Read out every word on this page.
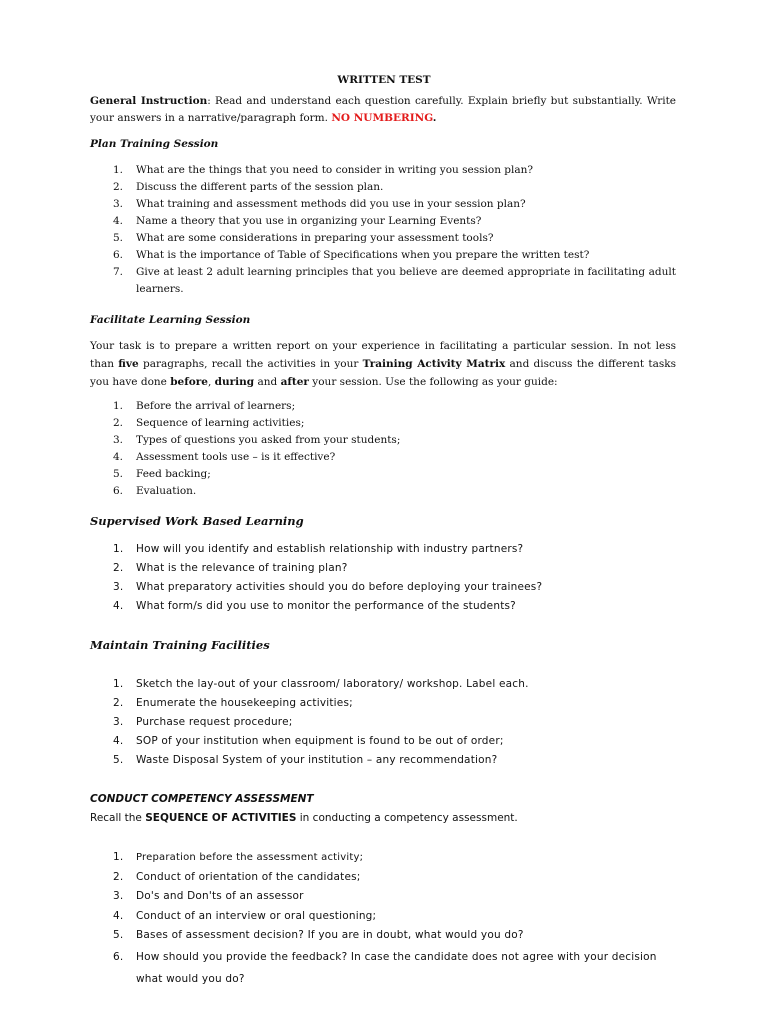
WRITTEN TEST
General Instruction: Read and understand each question carefully. Explain briefly but substantially. Write your answers in a narrative/paragraph form. NO NUMBERING.
Plan Training Session
1. What are the things that you need to consider in writing you session plan?
2. Discuss the different parts of the session plan.
3. What training and assessment methods did you use in your session plan?
4. Name a theory that you use in organizing your Learning Events?
5. What are some considerations in preparing your assessment tools?
6. What is the importance of Table of Specifications when you prepare the written test?
7. Give at least 2 adult learning principles that you believe are deemed appropriate in facilitating adult learners.
Facilitate Learning Session
Your task is to prepare a written report on your experience in facilitating a particular session. In not less than five paragraphs, recall the activities in your Training Activity Matrix and discuss the different tasks you have done before, during and after your session. Use the following as your guide:
1. Before the arrival of learners;
2. Sequence of learning activities;
3. Types of questions you asked from your students;
4. Assessment tools use – is it effective?
5. Feed backing;
6. Evaluation.
Supervised Work Based Learning
1. How will you identify and establish relationship with industry partners?
2. What is the relevance of training plan?
3. What preparatory activities should you do before deploying your trainees?
4. What form/s did you use to monitor the performance of the students?
Maintain Training Facilities
1. Sketch the lay-out of your classroom/ laboratory/ workshop. Label each.
2. Enumerate the housekeeping activities;
3. Purchase request procedure;
4. SOP of your institution when equipment is found to be out of order;
5. Waste Disposal System of your institution – any recommendation?
CONDUCT COMPETENCY ASSESSMENT
Recall the SEQUENCE OF ACTIVITIES in conducting a competency assessment.
1. Preparation before the assessment activity;
2. Conduct of orientation of the candidates;
3. Do's and Don'ts of an assessor
4. Conduct of an interview or oral questioning;
5. Bases of assessment decision? If you are in doubt, what would you do?
6. How should you provide the feedback? In case the candidate does not agree with your decision what would you do?
